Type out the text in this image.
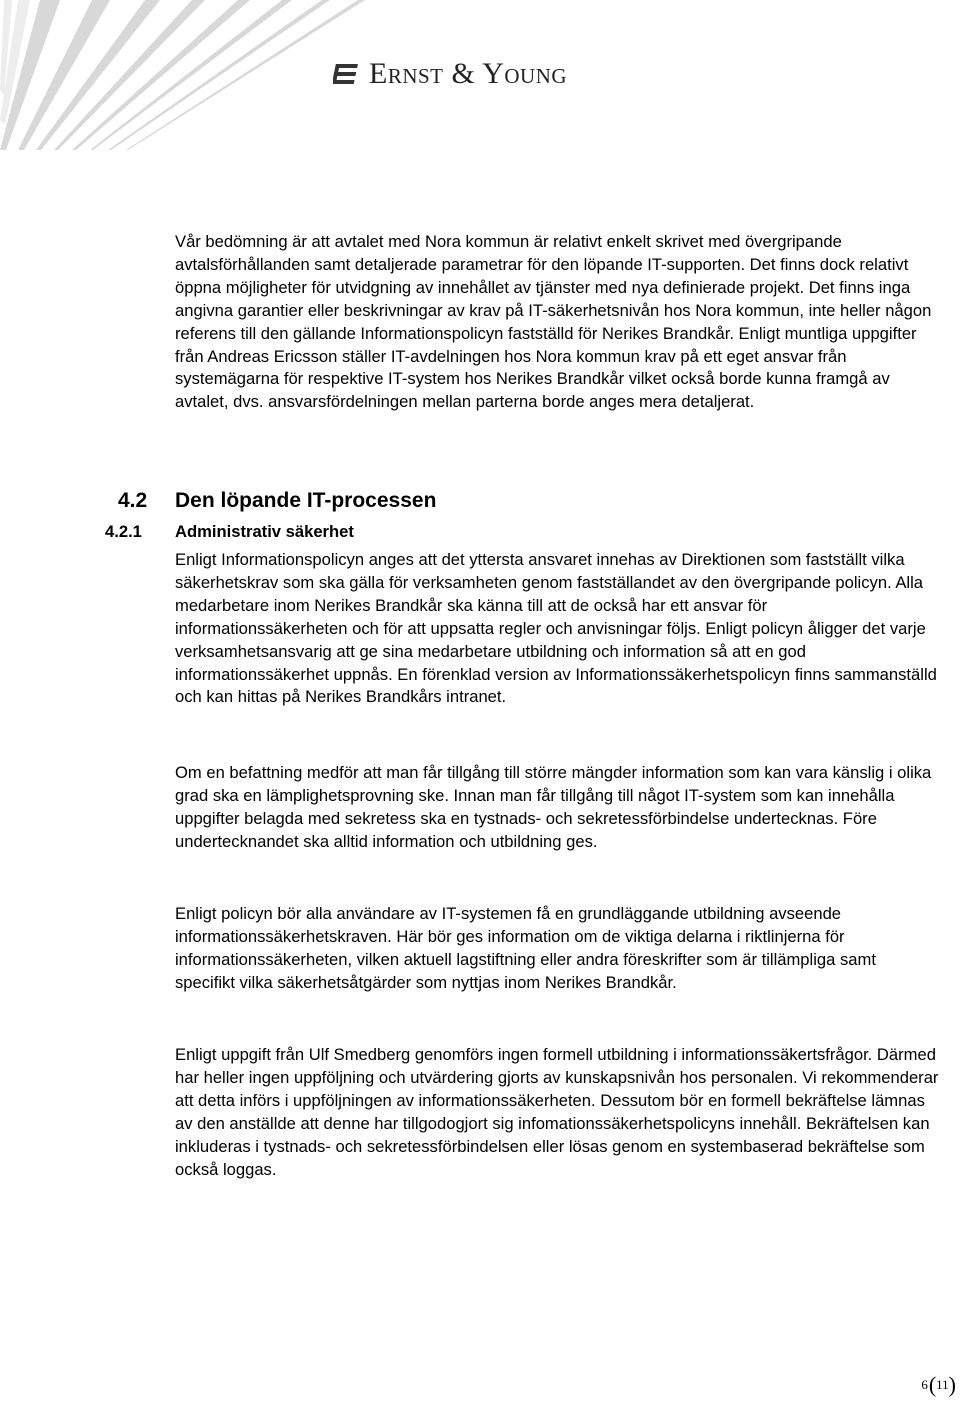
Ernst & Young

Vår bedömning är att avtalet med Nora kommun är relativt enkelt skrivet med övergripande avtalsförhållanden samt detaljerade parametrar för den löpande IT-supporten. Det finns dock relativt öppna möjligheter för utvidgning av innehållet av tjänster med nya definierade projekt. Det finns inga angivna garantier eller beskrivningar av krav på IT-säkerhetsnivån hos Nora kommun, inte heller någon referens till den gällande Informationspolicyn fastställd för Nerikes Brandkår. Enligt muntliga uppgifter från Andreas Ericsson ställer IT-avdelningen hos Nora kommun krav på ett eget ansvar från systemägarna för respektive IT-system hos Nerikes Brandkår vilket också borde kunna framgå av avtalet, dvs. ansvarsfördelningen mellan parterna borde anges mera detaljerat.

4.2 Den löpande IT-processen
4.2.1 Administrativ säkerhet

Enligt Informationspolicyn anges att det yttersta ansvaret innehas av Direktionen som fastställt vilka säkerhetskrav som ska gälla för verksamheten genom fastställandet av den övergripande policyn. Alla medarbetare inom Nerikes Brandkår ska känna till att de också har ett ansvar för informationssäkerheten och för att uppsatta regler och anvisningar följs. Enligt policyn åligger det varje verksamhetsansvarig att ge sina medarbetare utbildning och information så att en god informationssäkerhet uppnås. En förenklad version av Informationssäkerhetspolicyn finns sammanställd och kan hittas på Nerikes Brandkårs intranet.

Om en befattning medför att man får tillgång till större mängder information som kan vara känslig i olika grad ska en lämplighetsprovning ske. Innan man får tillgång till något IT-system som kan innehålla uppgifter belagda med sekretess ska en tystnads- och sekretessförbindelse undertecknas. Före undertecknandet ska alltid information och utbildning ges.

Enligt policyn bör alla användare av IT-systemen få en grundläggande utbildning avseende informationssäkerhetskraven. Här bör ges information om de viktiga delarna i riktlinjerna för informationssäkerheten, vilken aktuell lagstiftning eller andra föreskrifter som är tillämpliga samt specifikt vilka säkerhetsåtgärder som nyttjas inom Nerikes Brandkår.

Enligt uppgift från Ulf Smedberg genomförs ingen formell utbildning i informationssäkertsfrågor. Därmed har heller ingen uppföljning och utvärdering gjorts av kunskapsnivån hos personalen. Vi rekommenderar att detta införs i uppföljningen av informationssäkerheten. Dessutom bör en formell bekräftelse lämnas av den anställde att denne har tillgodogjort sig infomationssäkerhetspolicyns innehåll. Bekräftelsen kan inkluderas i tystnads- och sekretessförbindelsen eller lösas genom en systembaserad bekräftelse som också loggas.

6(11)
